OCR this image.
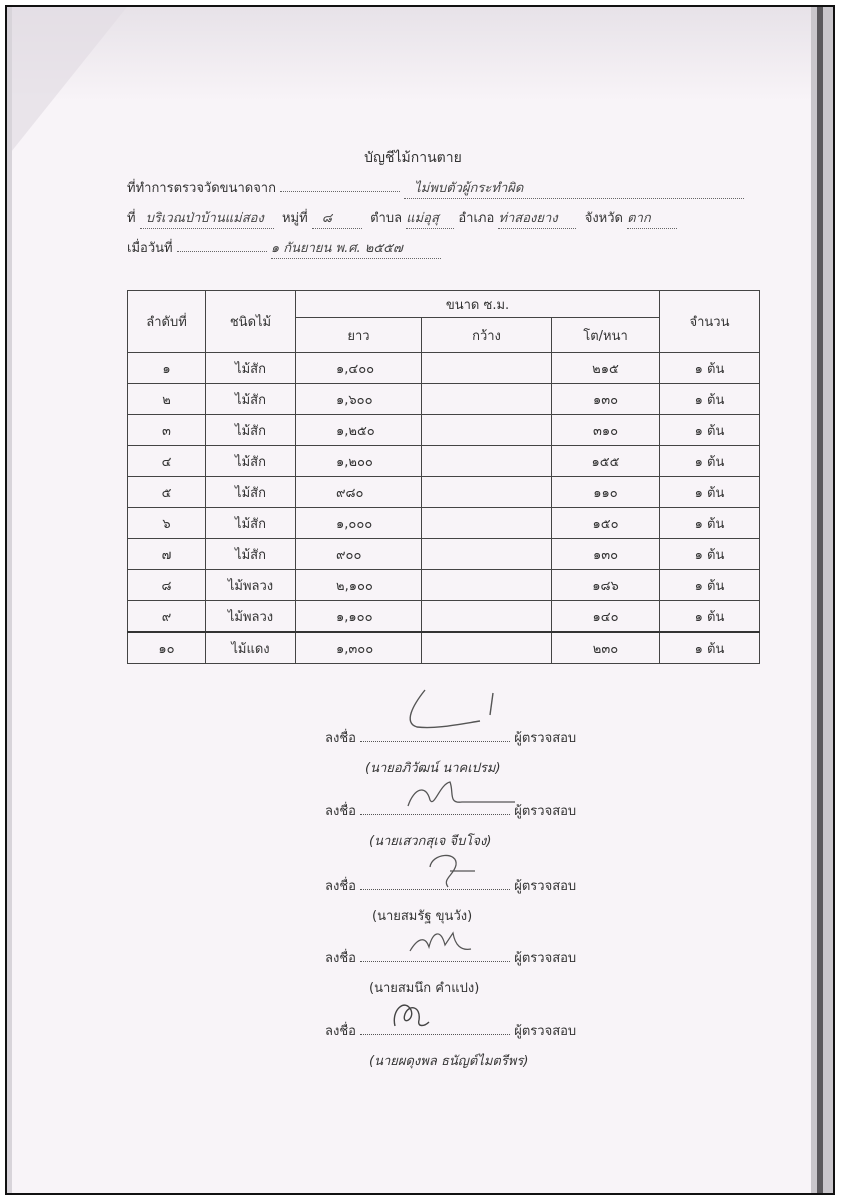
บัญชีไม้กานตาย
ที่ทำการตรวจวัดขนาดจาก	ไม่พบตัวผู้กระทำผิด
ที่ บริเวณป่าบ้านแม่สอง หมู่ที่ ๘	ตำบล แม่อุสุ อำเภอ ท่าสองยาง จังหวัด ตาก
เมื่อวันที่	๑ กันยายน พ.ศ. ๒๕๕๗
ลำดับที่	ชนิดไม้	ขนาด ซ.ม.			จำนวน
		ยาว	กว้าง	โต/หนา	
๑	ไม้สัก	๑,๔๐๐		๒๑๕	๑ ต้น
๒	ไม้สัก	๑,๖๐๐		๑๓๐	๑ ต้น
๓	ไม้สัก	๑,๒๕๐		๓๑๐	๑ ต้น
๔	ไม้สัก	๑,๒๐๐		๑๕๕	๑ ต้น
๕	ไม้สัก	๙๘๐		๑๑๐	๑ ต้น
๖	ไม้สัก	๑,๐๐๐		๑๕๐	๑ ต้น
๗	ไม้สัก	๙๐๐		๑๓๐	๑ ต้น
๘	ไม้พลวง	๒,๑๐๐		๑๘๖	๑ ต้น
๙	ไม้พลวง	๑,๑๐๐		๑๔๐	๑ ต้น
๑๐	ไม้แดง	๑,๓๐๐		๒๓๐	๑ ต้น
ลงชื่อ	ผู้ตรวจสอบ
(นายอภิวัฒน์ นาคเปรม)
ลงชื่อ	ผู้ตรวจสอบ
(นายเสวกสุเจ จีบโจง)
ลงชื่อ	ผู้ตรวจสอบ
(นายสมรัฐ ขุนวัง)
ลงชื่อ	ผู้ตรวจสอบ
(นายสมนึก คำแปง)
ลงชื่อ	ผู้ตรวจสอบ
(นายผดุงพล ธนัญต์ไมตรีพร)
